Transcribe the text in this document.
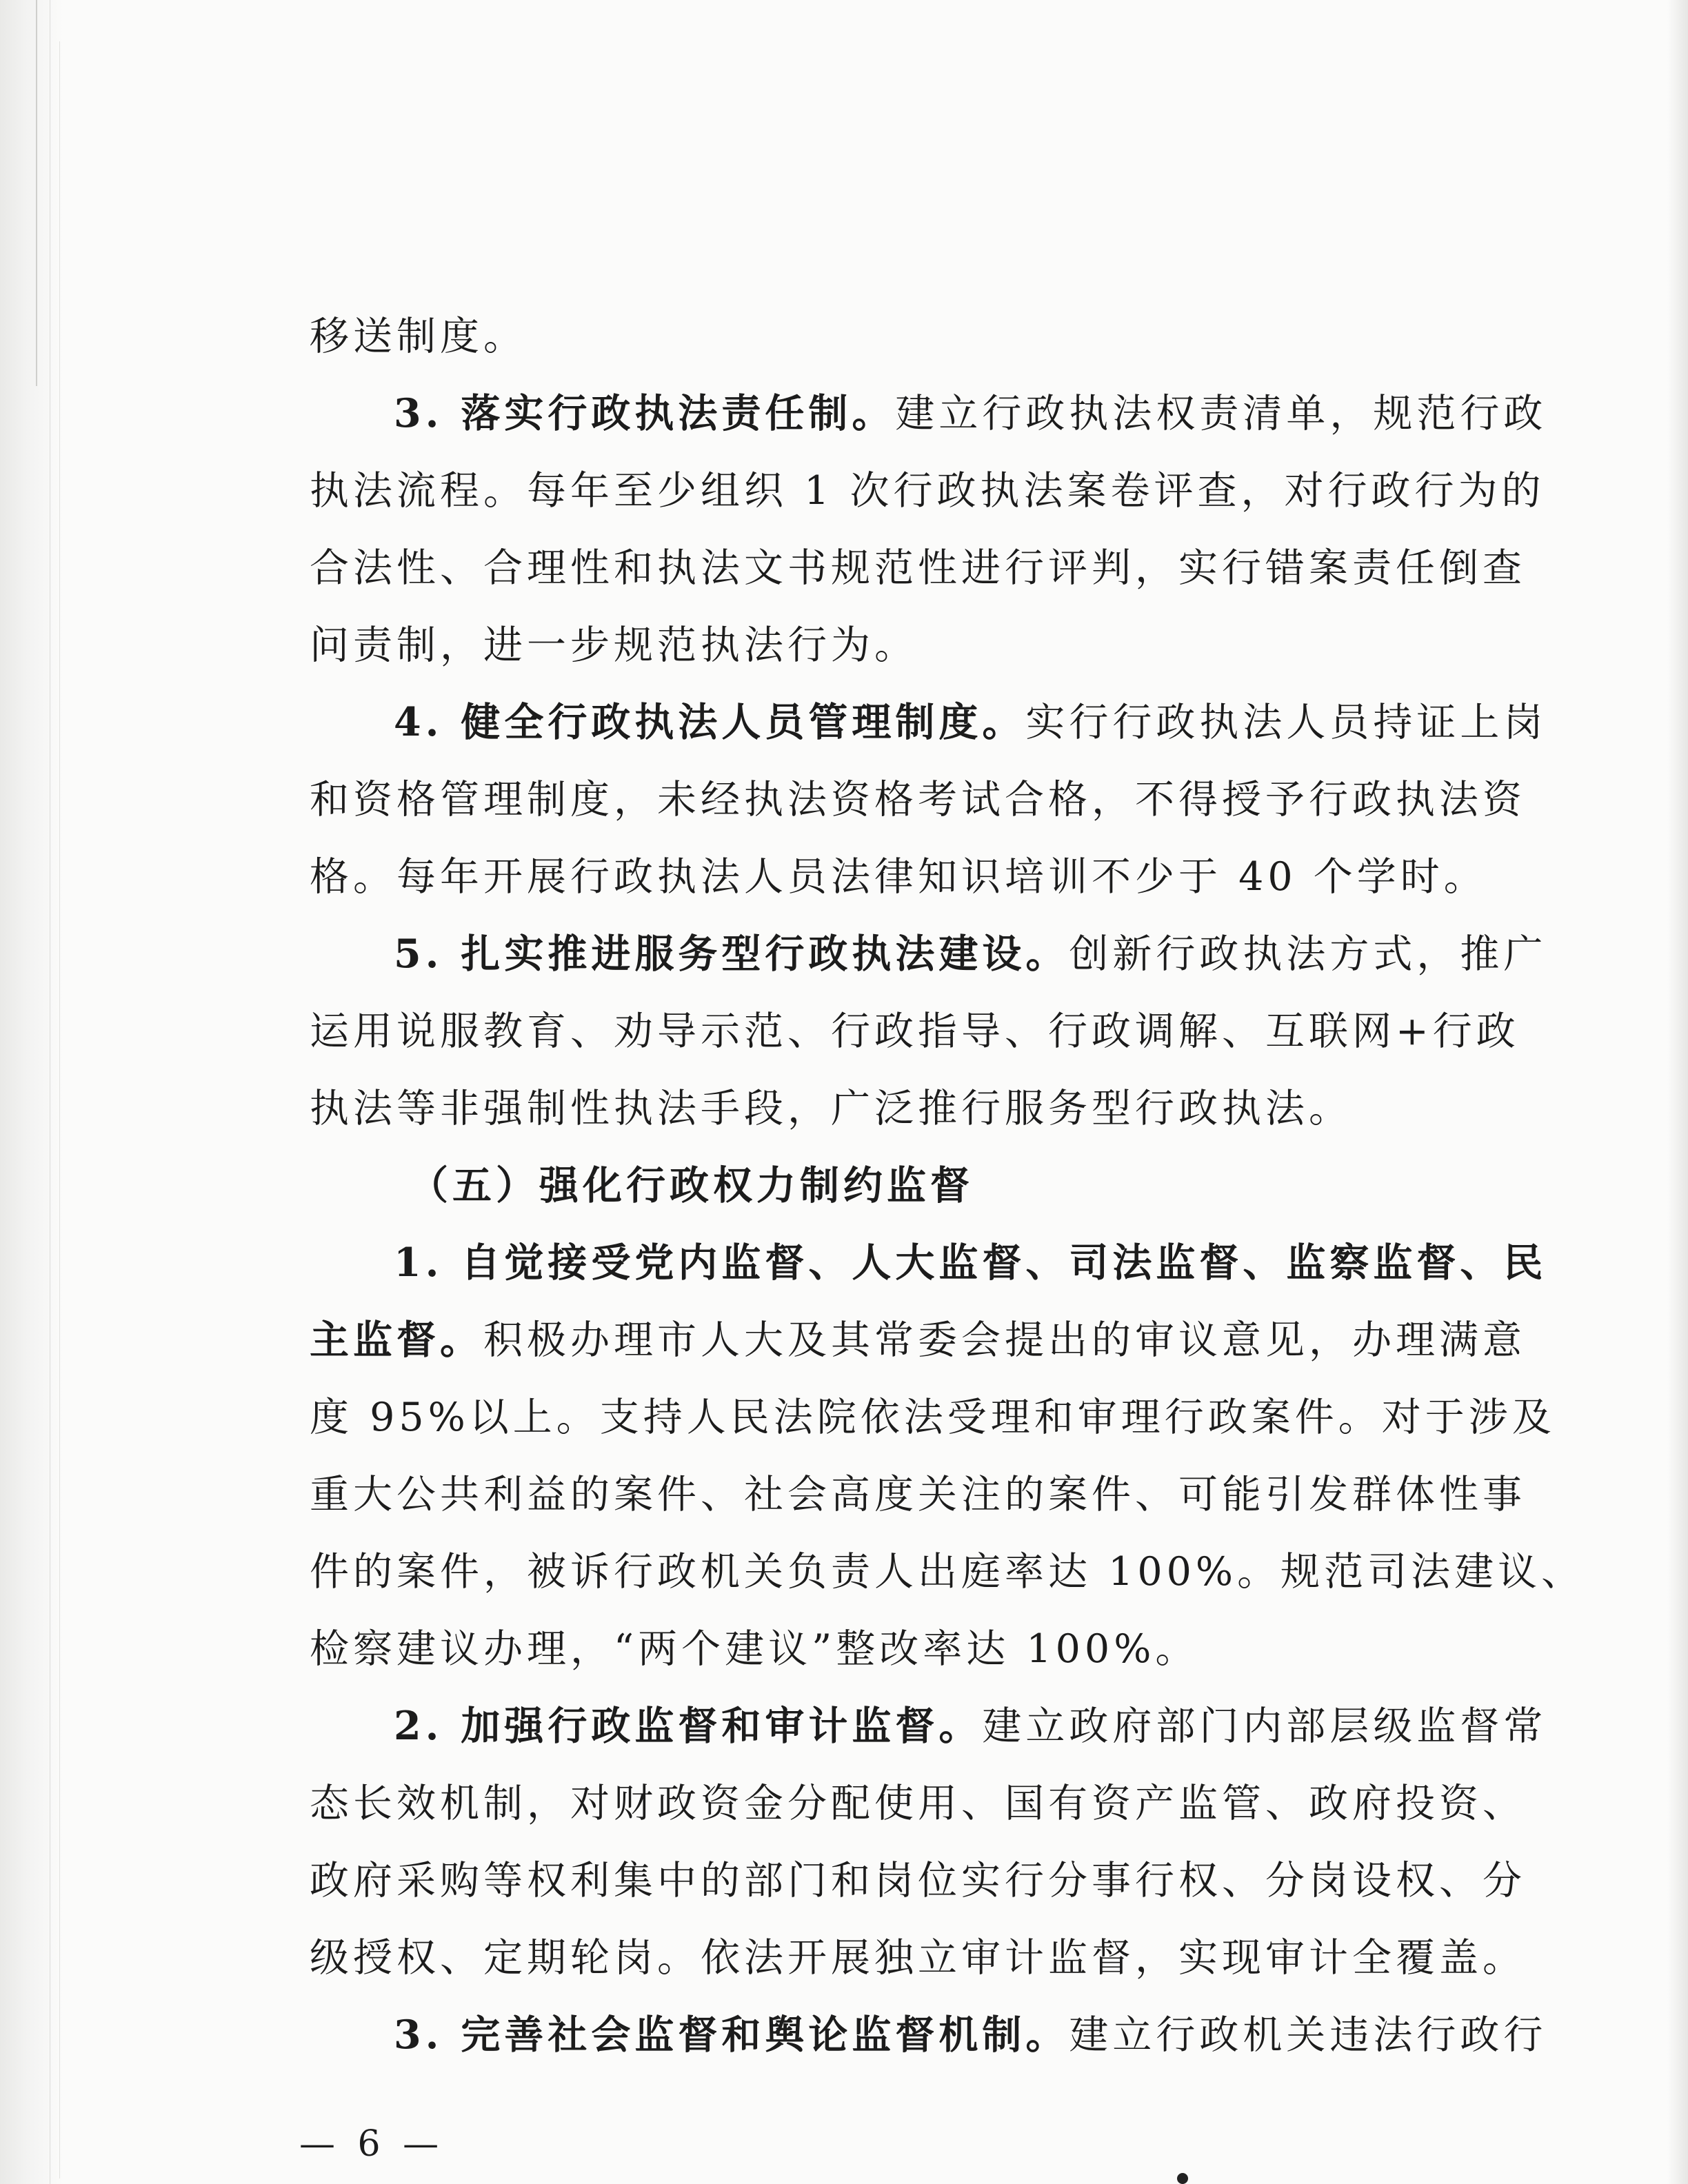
移送制度。
3. 落实行政执法责任制。建立行政执法权责清单，规范行政
执法流程。每年至少组织 1 次行政执法案卷评查，对行政行为的
合法性、合理性和执法文书规范性进行评判，实行错案责任倒查
问责制，进一步规范执法行为。
4. 健全行政执法人员管理制度。实行行政执法人员持证上岗
和资格管理制度，未经执法资格考试合格，不得授予行政执法资
格。每年开展行政执法人员法律知识培训不少于 40 个学时。
5. 扎实推进服务型行政执法建设。创新行政执法方式，推广
运用说服教育、劝导示范、行政指导、行政调解、互联网+行政
执法等非强制性执法手段，广泛推行服务型行政执法。
（五）强化行政权力制约监督
1. 自觉接受党内监督、人大监督、司法监督、监察监督、民
主监督。积极办理市人大及其常委会提出的审议意见，办理满意
度 95%以上。支持人民法院依法受理和审理行政案件。对于涉及
重大公共利益的案件、社会高度关注的案件、可能引发群体性事
件的案件，被诉行政机关负责人出庭率达 100%。规范司法建议、
检察建议办理，“两个建议”整改率达 100%。
2. 加强行政监督和审计监督。建立政府部门内部层级监督常
态长效机制，对财政资金分配使用、国有资产监管、政府投资、
政府采购等权利集中的部门和岗位实行分事行权、分岗设权、分
级授权、定期轮岗。依法开展独立审计监督，实现审计全覆盖。
3. 完善社会监督和舆论监督机制。建立行政机关违法行政行
— 6 —
